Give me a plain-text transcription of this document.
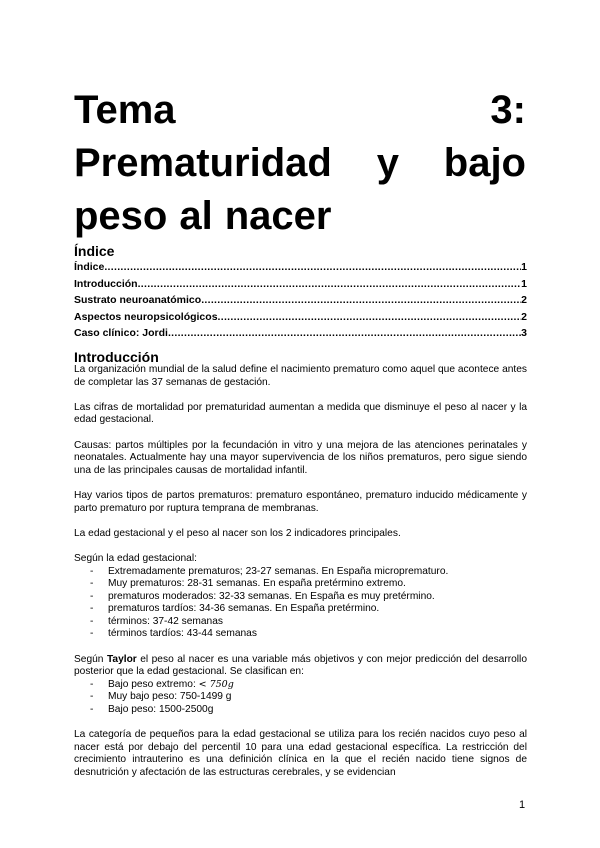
Tema	3:
Prematuridad y bajo
peso al nacer
Índice
Índice .....	1
Introducción .....	1
Sustrato neuroanatómico .....	2
Aspectos neuropsicológicos .....	2
Caso clínico: Jordi .....	3
Introducción

La organización mundial de la salud define el nacimiento prematuro como aquel que acontece antes de completar las 37 semanas de gestación.

Las cifras de mortalidad por prematuridad aumentan a medida que disminuye el peso al nacer y la edad gestacional.

Causas: partos múltiples por la fecundación in vitro y una mejora de las atenciones perinatales y neonatales. Actualmente hay una mayor supervivencia de los niños prematuros, pero sigue siendo una de las principales causas de mortalidad infantil.

Hay varios tipos de partos prematuros: prematuro espontáneo, prematuro inducido médicamente y parto prematuro por ruptura temprana de membranas.

La edad gestacional y el peso al nacer son los 2 indicadores principales.

Según la edad gestacional:

- Extremadamente prematuros; 23-27 semanas. En España microprematuro.
- Muy prematuros: 28-31 semanas. En españa pretérmino extremo.
- prematuros moderados: 32-33 semanas. En España es muy pretérmino.
- prematuros tardíos: 34-36 semanas. En España pretérmino.
- términos: 37-42 semanas
- términos tardíos: 43-44 semanas

Según Taylor el peso al nacer es una variable más objetivos y con mejor predicción del desarrollo posterior que la edad gestacional. Se clasifican en:

- Bajo peso extremo: < 750g
- Muy bajo peso: 750-1499 g
- Bajo peso: 1500-2500g

La categoría de pequeños para la edad gestacional se utiliza para los recién nacidos cuyo peso al nacer está por debajo del percentil 10 para una edad gestacional específica. La restricción del crecimiento intrauterino es una definición clínica en la que el recién nacido tiene signos de desnutrición y afectación de las estructuras cerebrales, y se evidencian

1
